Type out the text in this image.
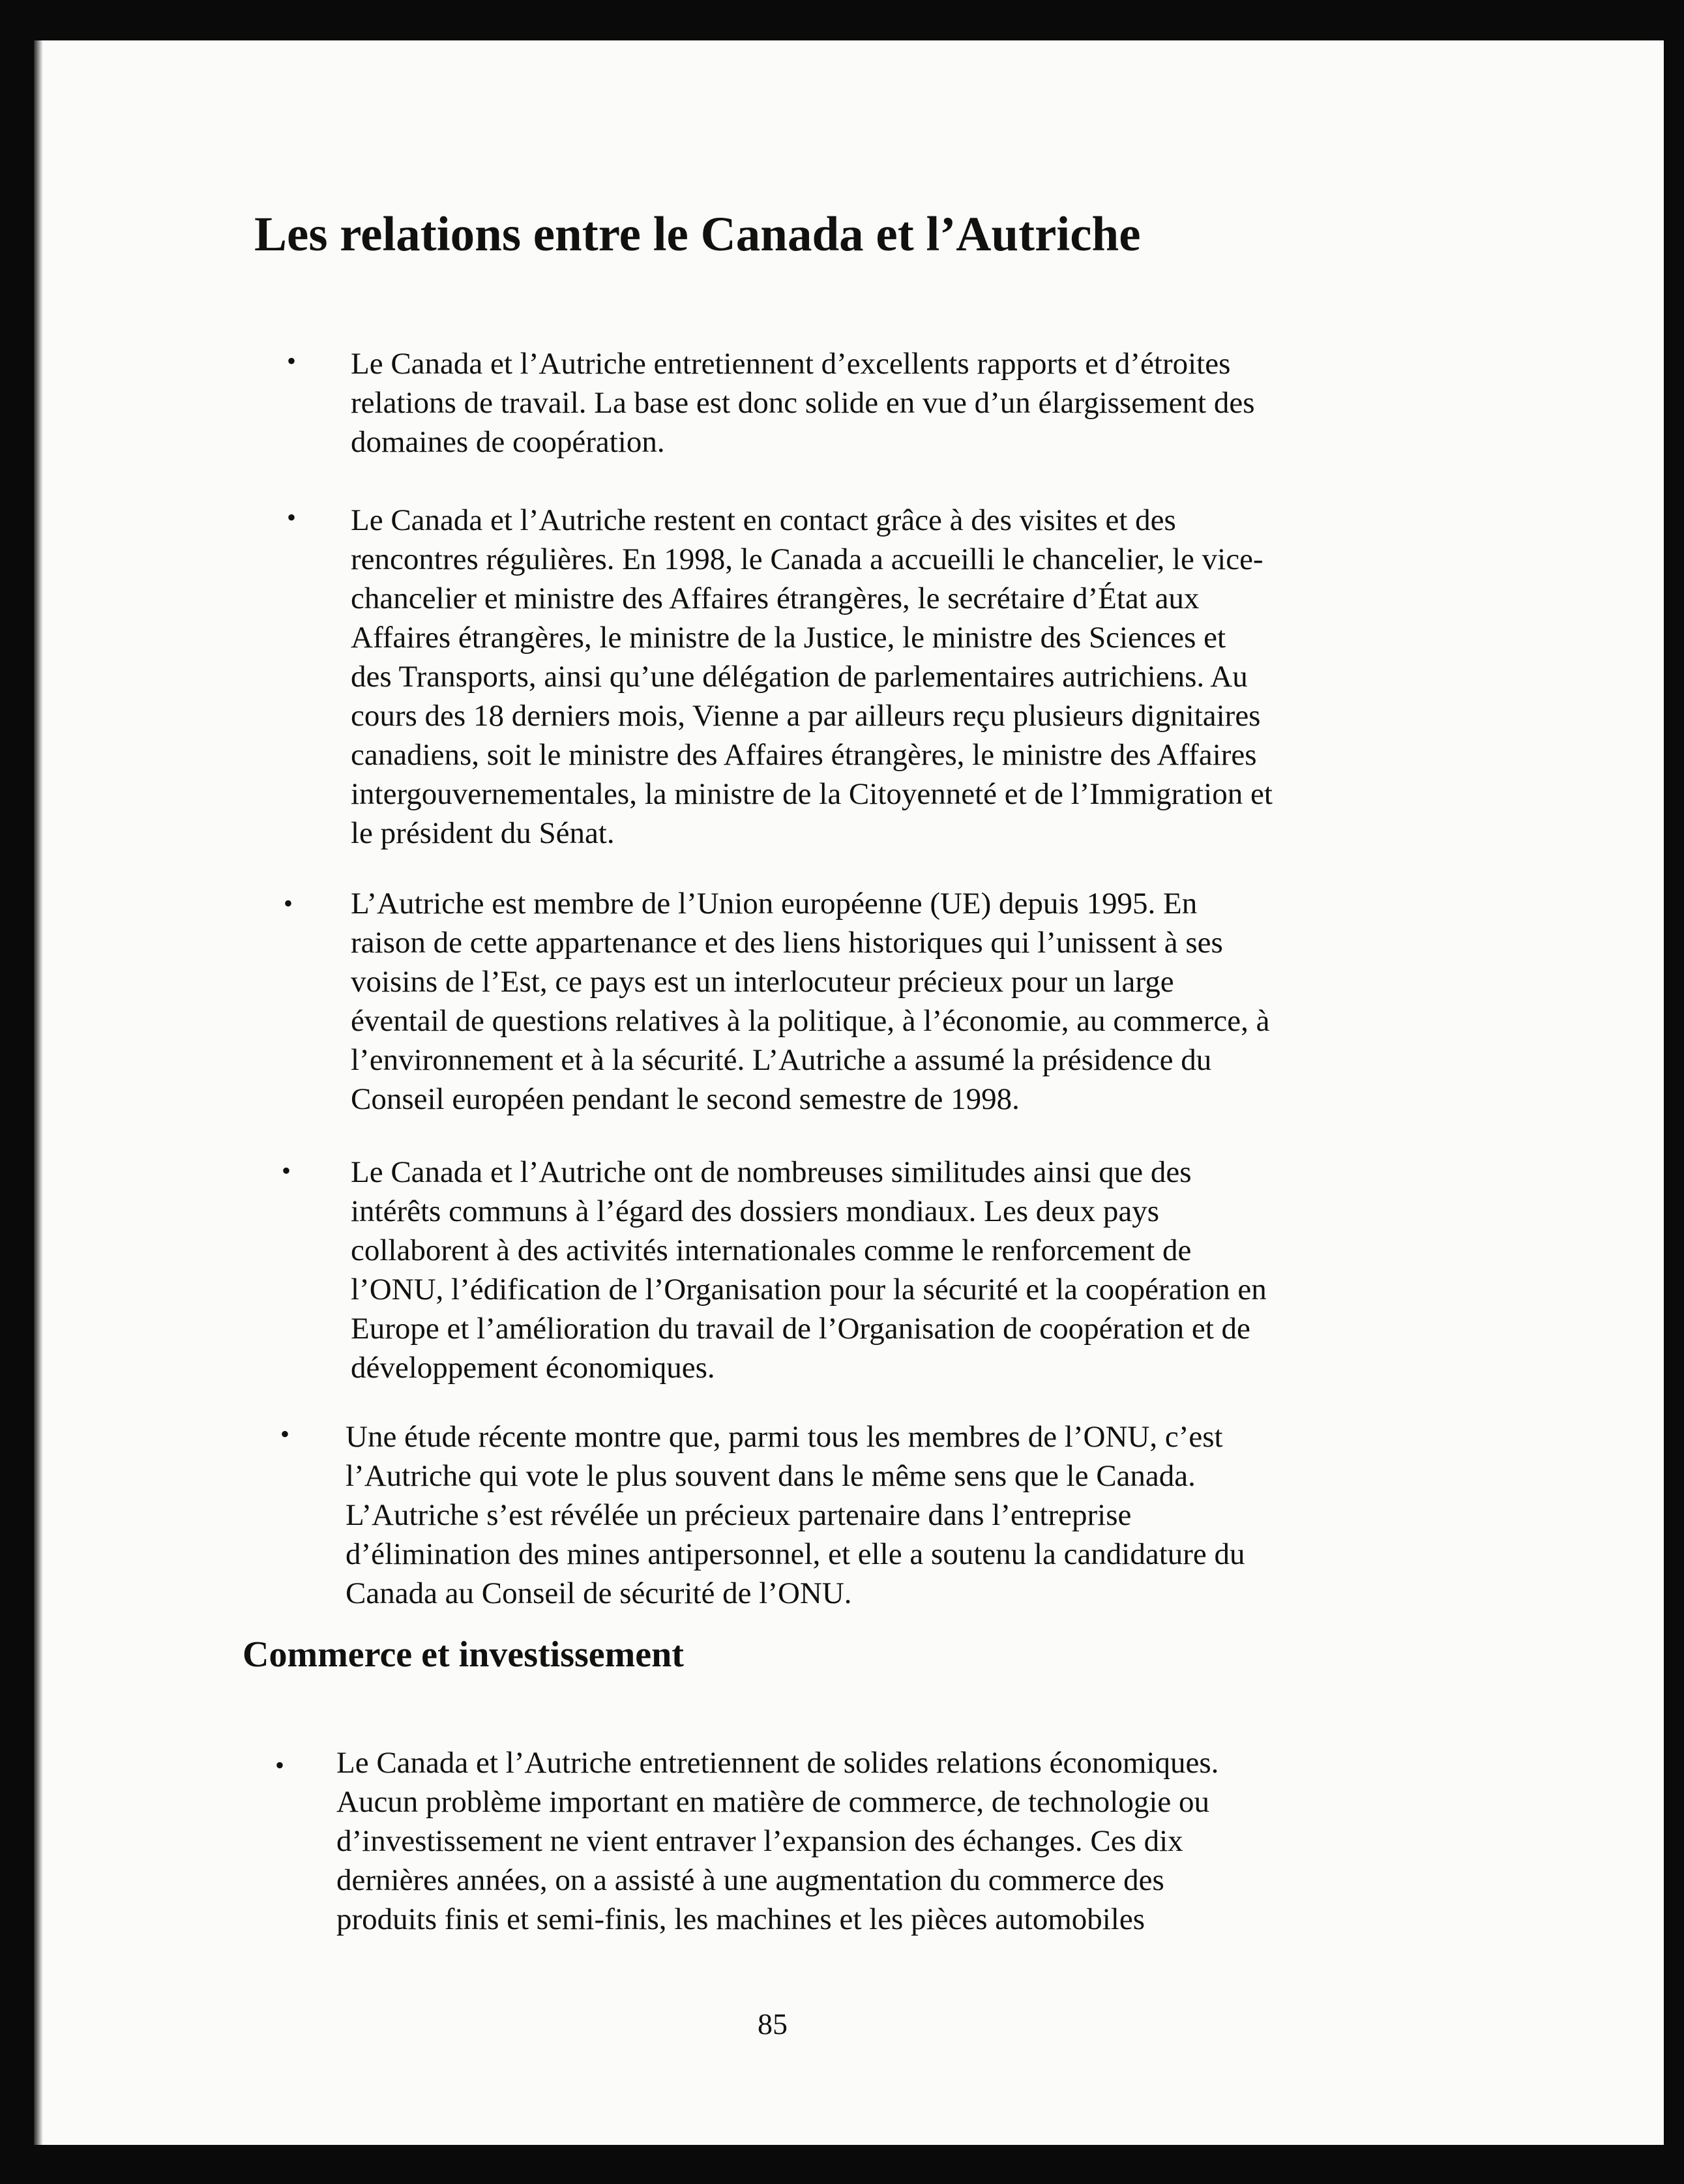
Les relations entre le Canada et l’Autriche
• Le Canada et l’Autriche entretiennent d’excellents rapports et d’étroites
relations de travail. La base est donc solide en vue d’un élargissement des
domaines de coopération.

• Le Canada et l’Autriche restent en contact grâce à des visites et des
rencontres régulières. En 1998, le Canada a accueilli le chancelier, le vice-
chancelier et ministre des Affaires étrangères, le secrétaire d’État aux
Affaires étrangères, le ministre de la Justice, le ministre des Sciences et
des Transports, ainsi qu’une délégation de parlementaires autrichiens. Au
cours des 18 derniers mois, Vienne a par ailleurs reçu plusieurs dignitaires
canadiens, soit le ministre des Affaires étrangères, le ministre des Affaires
intergouvernementales, la ministre de la Citoyenneté et de l’Immigration et
le président du Sénat.

• L’Autriche est membre de l’Union européenne (UE) depuis 1995. En
raison de cette appartenance et des liens historiques qui l’unissent à ses
voisins de l’Est, ce pays est un interlocuteur précieux pour un large
éventail de questions relatives à la politique, à l’économie, au commerce, à
l’environnement et à la sécurité. L’Autriche a assumé la présidence du
Conseil européen pendant le second semestre de 1998.

• Le Canada et l’Autriche ont de nombreuses similitudes ainsi que des
intérêts communs à l’égard des dossiers mondiaux. Les deux pays
collaborent à des activités internationales comme le renforcement de
l’ONU, l’édification de l’Organisation pour la sécurité et la coopération en
Europe et l’amélioration du travail de l’Organisation de coopération et de
développement économiques.

• Une étude récente montre que, parmi tous les membres de l’ONU, c’est
l’Autriche qui vote le plus souvent dans le même sens que le Canada.
L’Autriche s’est révélée un précieux partenaire dans l’entreprise
d’élimination des mines antipersonnel, et elle a soutenu la candidature du
Canada au Conseil de sécurité de l’ONU.

Commerce et investissement
• Le Canada et l’Autriche entretiennent de solides relations économiques.
Aucun problème important en matière de commerce, de technologie ou
d’investissement ne vient entraver l’expansion des échanges. Ces dix
dernières années, on a assisté à une augmentation du commerce des
produits finis et semi-finis, les machines et les pièces automobiles

85
